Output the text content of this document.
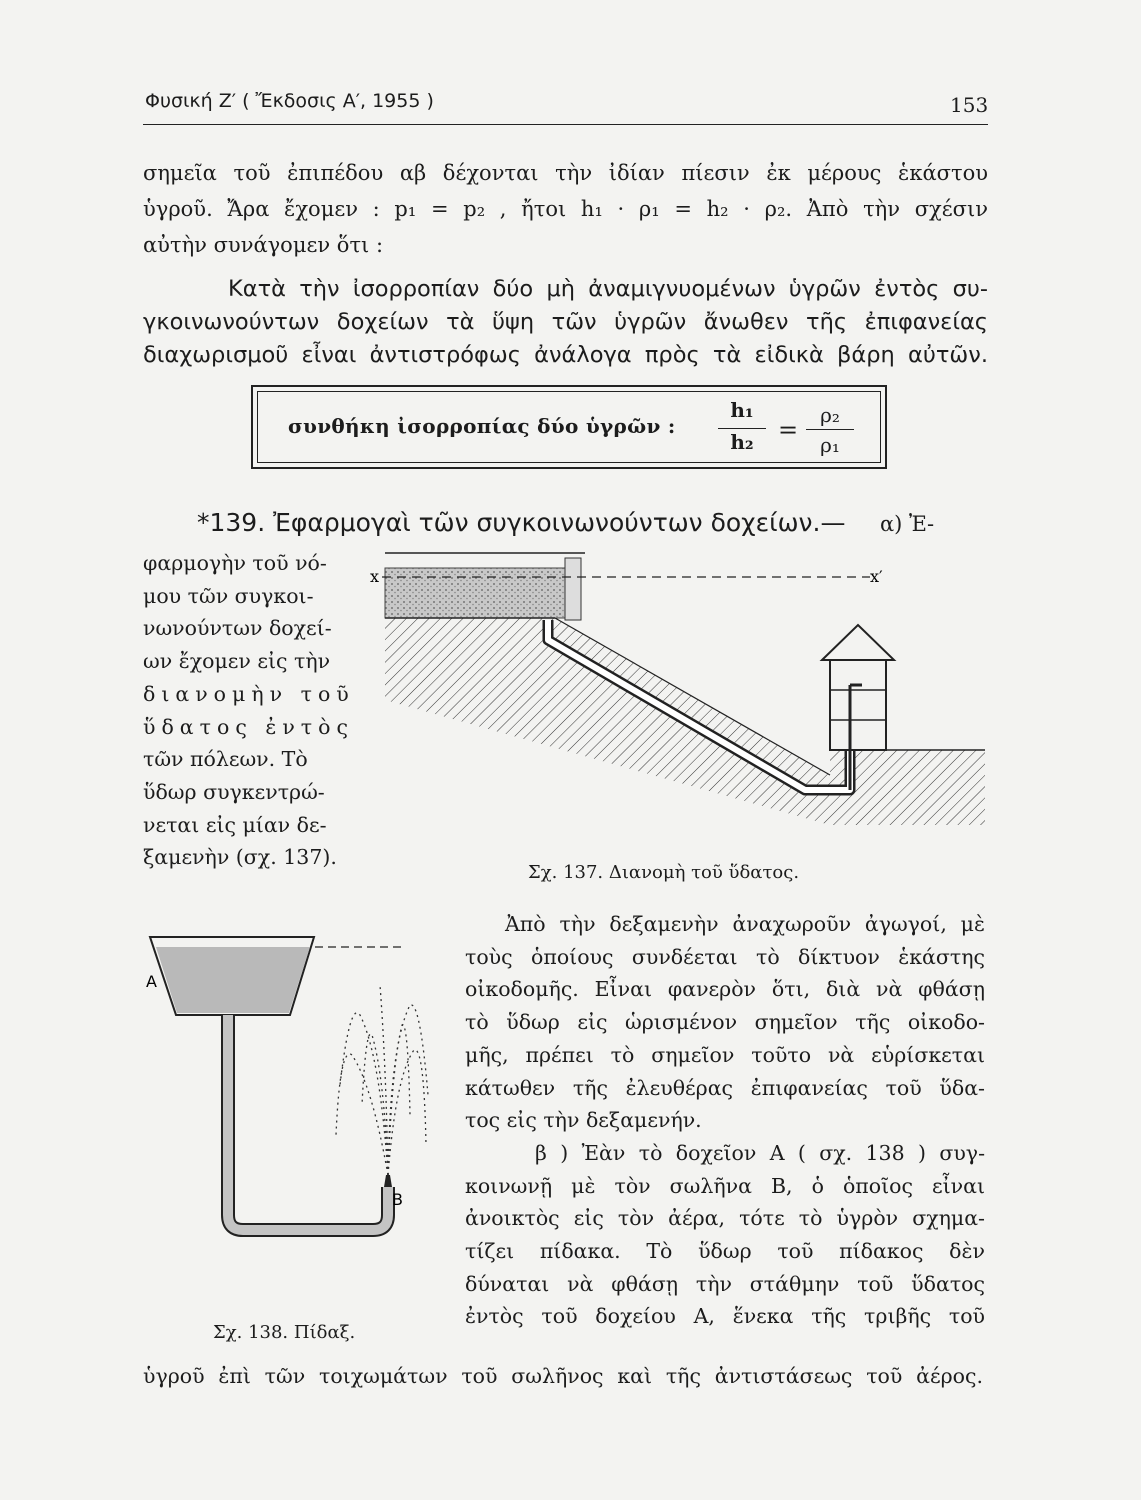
Φυσική Ζ′ ( Ἔκδοσις Α′, 1955 )	153
σημεῖα τοῦ ἐπιπέδου αβ δέχονται τὴν ἰδίαν πίεσιν ἐκ μέρους ἑκάστου
ὑγροῦ. Ἄρα ἔχομεν : p₁ = p₂ , ἤτοι h₁ · ρ₁ = h₂ · ρ₂. Ἀπὸ τὴν σχέσιν
αὐτὴν συνάγομεν ὅτι :
Κατὰ τὴν ἰσορροπίαν δύο μὴ ἀναμιγνυομένων ὑγρῶν ἐντὸς συ-
γκοινωνούντων δοχείων τὰ ὕψη τῶν ὑγρῶν ἄνωθεν τῆς ἐπιφανείας
διαχωρισμοῦ εἶναι ἀντιστρόφως ἀνάλογα πρὸς τὰ εἰδικὰ βάρη αὐτῶν.
συνθήκη ἰσορροπίας δύο ὑγρῶν :
h₁
h₂	=
ρ₂
ρ₁
*139. Ἐφαρμογαὶ τῶν συγκοινωνούντων δοχείων.— α) Ἐ-
φαρμογὴν τοῦ νό-
μου τῶν συγκοι-
νωνούντων δοχεί-
ων ἔχομεν εἰς τὴν
διανομὴν τοῦ
ὕδατος ἐντὸς
τῶν πόλεων. Τὸ
ὕδωρ συγκεντρώ-
νεται εἰς μίαν δε-
ξαμενὴν (σχ. 137).
x	x′
Σχ. 137. Διανομὴ τοῦ ὕδατος.
Ἀπὸ τὴν δεξαμενὴν ἀναχωροῦν ἀγωγοί, μὲ
τοὺς ὁποίους συνδέεται τὸ δίκτυον ἑκάστης
οἰκοδομῆς. Εἶναι φανερὸν ὅτι, διὰ νὰ φθάσῃ
τὸ ὕδωρ εἰς ὡρισμένον σημεῖον τῆς οἰκοδο-
μῆς, πρέπει τὸ σημεῖον τοῦτο νὰ εὑρίσκεται
κάτωθεν τῆς ἐλευθέρας ἐπιφανείας τοῦ ὕδα-
τος εἰς τὴν δεξαμενήν.
β ) Ἐὰν τὸ δοχεῖον Α ( σχ. 138 ) συγ-
κοινωνῇ μὲ τὸν σωλῆνα Β, ὁ ὁποῖος εἶναι
ἀνοικτὸς εἰς τὸν ἀέρα, τότε τὸ ὑγρὸν σχημα-
τίζει πίδακα. Τὸ ὕδωρ τοῦ πίδακος δὲν
δύναται νὰ φθάσῃ τὴν στάθμην τοῦ ὕδατος
ἐντὸς τοῦ δοχείου Α, ἕνεκα τῆς τριβῆς τοῦ
Α
Β
Σχ. 138. Πίδαξ.
ὑγροῦ ἐπὶ τῶν τοιχωμάτων τοῦ σωλῆνος καὶ τῆς ἀντιστάσεως τοῦ ἀέρος.
